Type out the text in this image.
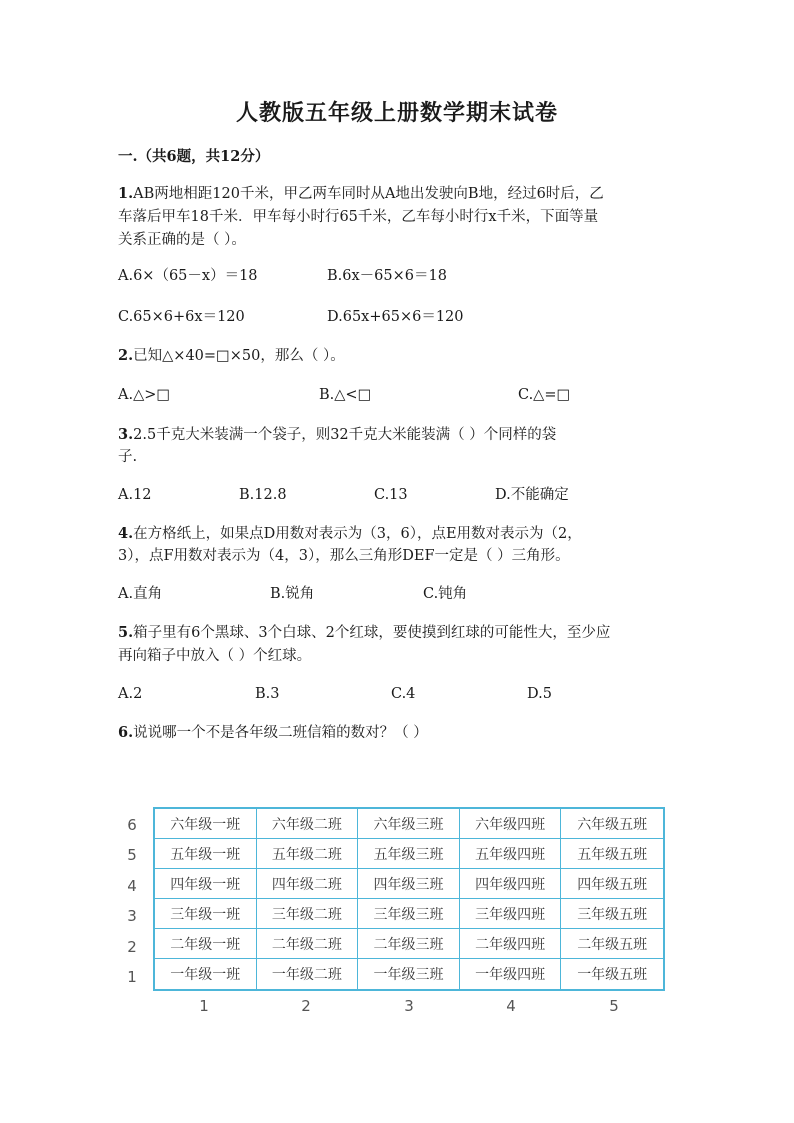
人教版五年级上册数学期末试卷
一.（共6题，共12分）
1.AB两地相距120千米，甲乙两车同时从A地出发驶向B地，经过6时后，乙
车落后甲车18千米．甲车每小时行65千米，乙车每小时行x千米，下面等量
关系正确的是（ ）。
A.6×（65－x）＝18	B.6x－65×6＝18
C.65×6+6x＝120	D.65x+65×6＝120
2.已知△×40=□×50，那么（ ）。
A.△>□	B.△<□	C.△=□
3.2.5千克大米装满一个袋子，则32千克大米能装满（ ）个同样的袋
子.
A.12	B.12.8	C.13	D.不能确定
4.在方格纸上，如果点D用数对表示为（3，6），点E用数对表示为（2，
3），点F用数对表示为（4，3），那么三角形DEF一定是（ ）三角形。
A.直角	B.锐角	C.钝角
5.箱子里有6个黑球、3个白球、2个红球，要使摸到红球的可能性大，至少应
再向箱子中放入（ ）个红球。
A.2	B.3	C.4	D.5
6.说说哪一个不是各年级二班信箱的数对？（ ）
6
5
4
3
2
1
六年级一班	六年级二班	六年级三班	六年级四班	六年级五班
五年级一班	五年级二班	五年级三班	五年级四班	五年级五班
四年级一班	四年级二班	四年级三班	四年级四班	四年级五班
三年级一班	三年级二班	三年级三班	三年级四班	三年级五班
二年级一班	二年级二班	二年级三班	二年级四班	二年级五班
一年级一班	一年级二班	一年级三班	一年级四班	一年级五班
1	2	3	4	5
